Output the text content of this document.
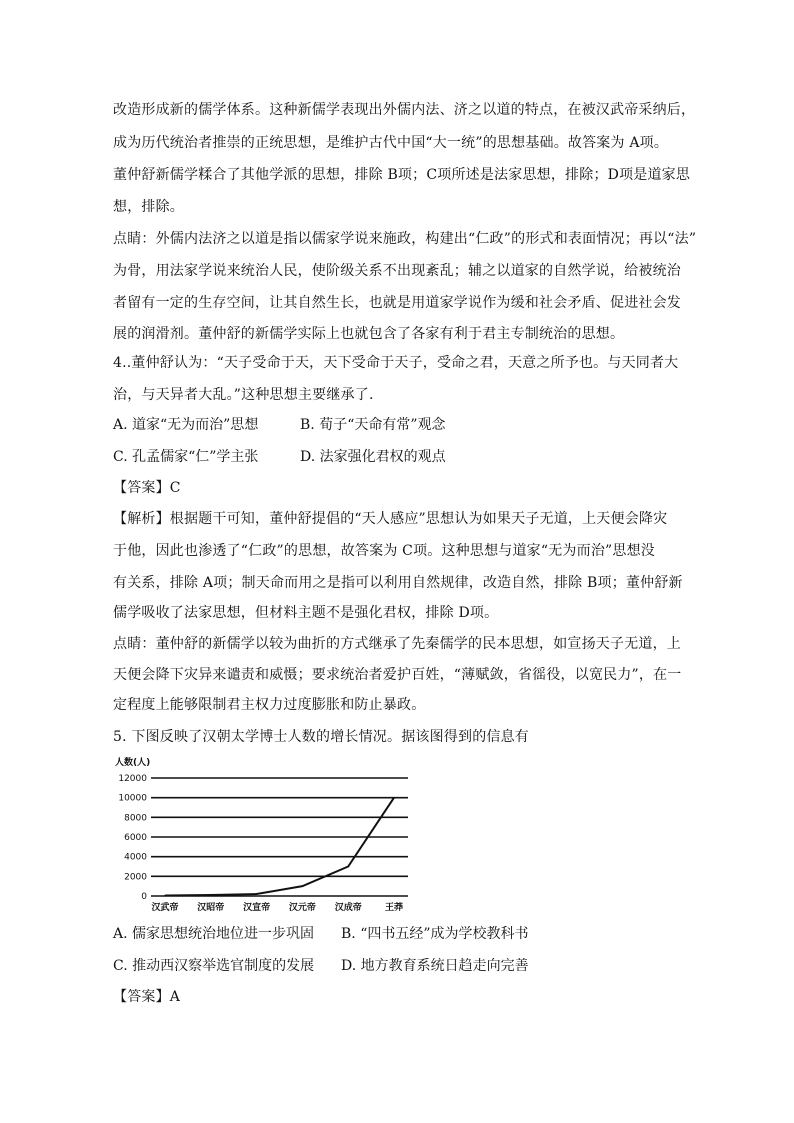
改造形成新的儒学体系。这种新儒学表现出外儒内法、济之以道的特点，在被汉武帝采纳后，
成为历代统治者推崇的正统思想，是维护古代中国“大一统”的思想基础。故答案为 A项。
董仲舒新儒学糅合了其他学派的思想，排除 B项；C项所述是法家思想，排除；D项是道家思
想，排除。
点睛：外儒内法济之以道是指以儒家学说来施政，构建出“仁政”的形式和表面情况；再以“法”
为骨，用法家学说来统治人民，使阶级关系不出现紊乱；辅之以道家的自然学说，给被统治
者留有一定的生存空间，让其自然生长，也就是用道家学说作为缓和社会矛盾、促进社会发
展的润滑剂。董仲舒的新儒学实际上也就包含了各家有利于君主专制统治的思想。
4..董仲舒认为：“天子受命于天，天下受命于天子，受命之君，天意之所予也。与天同者大
治，与天异者大乱。”这种思想主要继承了.
A. 道家“无为而治”思想	B. 荀子“天命有常”观念
C. 孔孟儒家“仁”学主张	D. 法家强化君权的观点
【答案】C
【解析】根据题干可知，董仲舒提倡的“天人感应”思想认为如果天子无道，上天便会降灾
于他，因此也渗透了“仁政”的思想，故答案为 C项。这种思想与道家“无为而治”思想没
有关系，排除 A项；制天命而用之是指可以利用自然规律，改造自然，排除 B项；董仲舒新
儒学吸收了法家思想，但材料主题不是强化君权，排除 D项。
点睛：董仲舒的新儒学以较为曲折的方式继承了先秦儒学的民本思想，如宣扬天子无道，上
天便会降下灾异来谴责和威慑；要求统治者爱护百姓，“薄赋敛，省徭役，以宽民力”，在一
定程度上能够限制君主权力过度膨胀和防止暴政。
5. 下图反映了汉朝太学博士人数的增长情况。据该图得到的信息有
人数(人)
0
2000
4000
6000
8000
10000
12000
汉武帝 汉昭帝 汉宣帝 汉元帝 汉成帝	王莽
A. 儒家思想统治地位进一步巩固 B. “四书五经”成为学校教科书
C. 推动西汉察举选官制度的发展 D. 地方教育系统日趋走向完善
【答案】A
